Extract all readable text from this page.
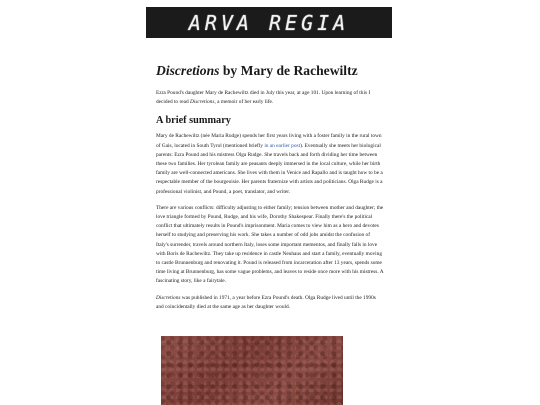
ARVA REGIA
Discretions by Mary de Rachewiltz

Ezra Pound's daughter Mary de Rachewiltz died in July this year, at age 101. Upon learning of this I decided to read Discretions, a memoir of her early life.

A brief summary

Mary de Rachewiltz (née Maria Rudge) spends her first years living with a foster family in the rural town of Gais, located in South Tyrol (mentioned briefly in an earlier post). Eventually she meets her biological parents: Ezra Pound and his mistress Olga Rudge. She travels back and forth dividing her time between these two families. Her tyrolean family are peasants deeply immersed in the local culture, while her birth family are well-connected americans. She lives with them in Venice and Rapallo and is taught how to be a respectable member of the bourgeoisie. Her parents fraternize with artists and politicians. Olga Rudge is a professional violinist, and Pound, a poet, translator, and writer.

There are various conflicts: difficulty adjusting to either family; tension between mother and daughter; the love triangle formed by Pound, Rudge, and his wife, Dorothy Shakespear. Finally there's the political conflict that ultimately results in Pound's imprisonment. Maria comes to view him as a hero and devotes herself to studying and preserving his work. She takes a number of odd jobs amidst the confusion of Italy's surrender, travels around northern Italy, loses some important mementos, and finally falls in love with Boris de Rachewiltz. They take up residence in castle Neuhaus and start a family, eventually moving to castle Brunnenburg and renovating it. Pound is released from incarceration after 13 years, spends some time living at Brunnenburg, has some vague problems, and leaves to reside once more with his mistress. A fascinating story, like a fairytale.

Discretions was published in 1971, a year before Ezra Pound's death. Olga Rudge lived until the 1990s and coincidentally died at the same age as her daughter would.
